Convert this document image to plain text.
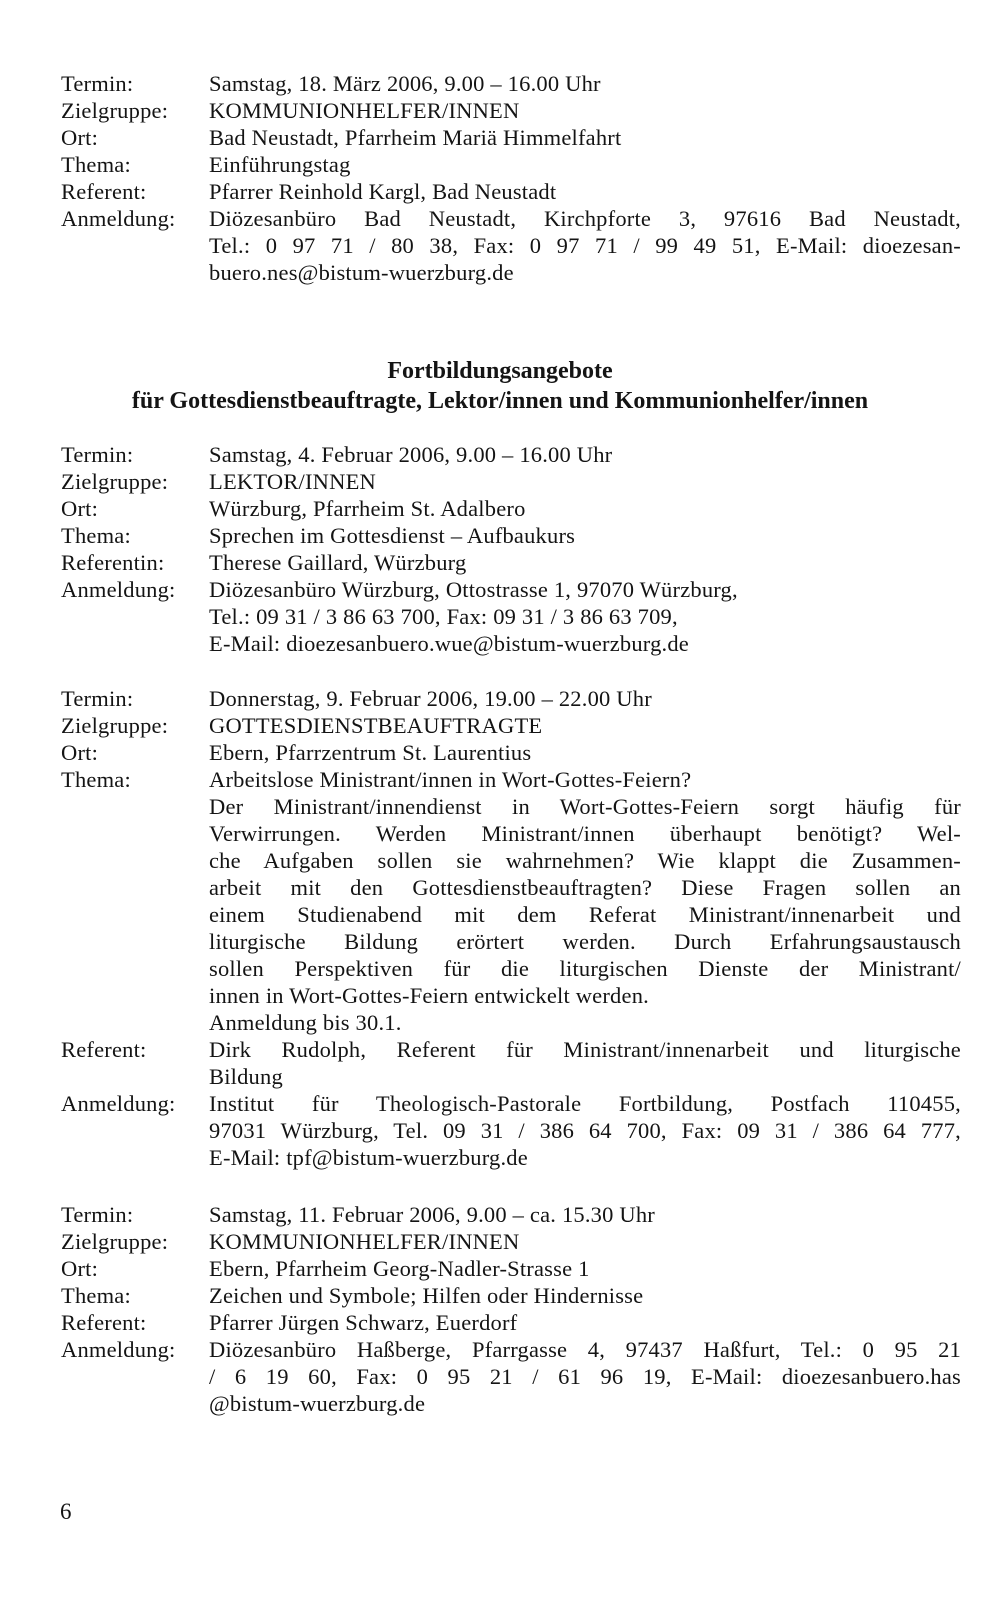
Termin:	Samstag, 18. März 2006, 9.00 – 16.00 Uhr
Zielgruppe:	KOMMUNIONHELFER/INNEN
Ort:	Bad Neustadt, Pfarrheim Mariä Himmelfahrt
Thema:	Einführungstag
Referent:	Pfarrer Reinhold Kargl, Bad Neustadt
Anmeldung:	Diözesanbüro Bad Neustadt, Kirchpforte 3, 97616 Bad Neustadt,
Tel.: 0 97 71 / 80 38, Fax: 0 97 71 / 99 49 51, E-Mail: dioezesan-
buero.nes@bistum-wuerzburg.de
Fortbildungsangebote
für Gottesdienstbeauftragte, Lektor/innen und Kommunionhelfer/innen
Termin:	Samstag, 4. Februar 2006, 9.00 – 16.00 Uhr
Zielgruppe:	LEKTOR/INNEN
Ort:	Würzburg, Pfarrheim St. Adalbero
Thema:	Sprechen im Gottesdienst – Aufbaukurs
Referentin:	Therese Gaillard, Würzburg
Anmeldung:	Diözesanbüro Würzburg, Ottostrasse 1, 97070 Würzburg,
Tel.: 09 31 / 3 86 63 700, Fax: 09 31 / 3 86 63 709,
E-Mail: dioezesanbuero.wue@bistum-wuerzburg.de
Termin:	Donnerstag, 9. Februar 2006, 19.00 – 22.00 Uhr
Zielgruppe:	GOTTESDIENSTBEAUFTRAGTE
Ort:	Ebern, Pfarrzentrum St. Laurentius
Thema:	Arbeitslose Ministrant/innen in Wort-Gottes-Feiern?
Der Ministrant/innendienst in Wort-Gottes-Feiern sorgt häufig für
Verwirrungen. Werden Ministrant/innen überhaupt benötigt? Wel-
che Aufgaben sollen sie wahrnehmen? Wie klappt die Zusammen-
arbeit mit den Gottesdienstbeauftragten? Diese Fragen sollen an
einem Studienabend mit dem Referat Ministrant/innenarbeit und
liturgische Bildung erörtert werden. Durch Erfahrungsaustausch
sollen Perspektiven für die liturgischen Dienste der Ministrant/
innen in Wort-Gottes-Feiern entwickelt werden.
Anmeldung bis 30.1.
Referent:	Dirk Rudolph, Referent für Ministrant/innenarbeit und liturgische
Bildung
Anmeldung:	Institut für Theologisch-Pastorale Fortbildung, Postfach 110455,
97031 Würzburg, Tel. 09 31 / 386 64 700, Fax: 09 31 / 386 64 777,
E-Mail: tpf@bistum-wuerzburg.de
Termin:	Samstag, 11. Februar 2006, 9.00 – ca. 15.30 Uhr
Zielgruppe:	KOMMUNIONHELFER/INNEN
Ort:	Ebern, Pfarrheim Georg-Nadler-Strasse 1
Thema:	Zeichen und Symbole; Hilfen oder Hindernisse
Referent:	Pfarrer Jürgen Schwarz, Euerdorf
Anmeldung:	Diözesanbüro Haßberge, Pfarrgasse 4, 97437 Haßfurt, Tel.: 0 95 21
/ 6 19 60, Fax: 0 95 21 / 61 96 19, E-Mail: dioezesanbuero.has
@bistum-wuerzburg.de
6
